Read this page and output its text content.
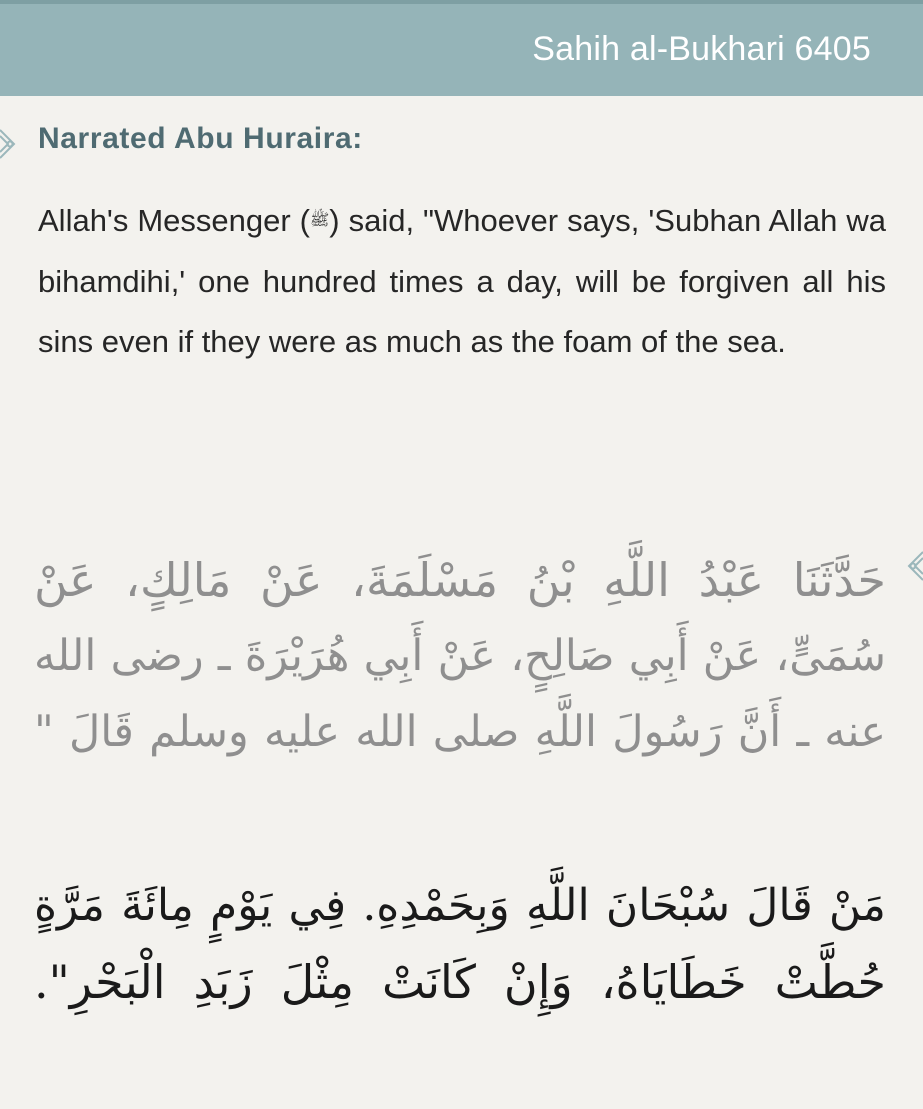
Sahih al-Bukhari 6405
Narrated Abu Huraira:
Allah's Messenger (ﷺ) said, "Whoever says, 'Subhan Allah wa bihamdihi,' one hundred times a day, will be forgiven all his sins even if they were as much as the foam of the sea.
حَدَّثَنَا عَبْدُ اللَّهِ بْنُ مَسْلَمَةَ، عَنْ مَالِكٍ، عَنْ
سُمَىٍّ، عَنْ أَبِي صَالِحٍ، عَنْ أَبِي هُرَيْرَةَ ـ رضى الله
عنه ـ أَنَّ رَسُولَ اللَّهِ صلى الله عليه وسلم قَالَ "
مَنْ قَالَ سُبْحَانَ اللَّهِ وَبِحَمْدِهِ. فِي يَوْمٍ مِائَةَ مَرَّةٍ
حُطَّتْ خَطَايَاهُ، وَإِنْ كَانَتْ مِثْلَ زَبَدِ الْبَحْرِ".
